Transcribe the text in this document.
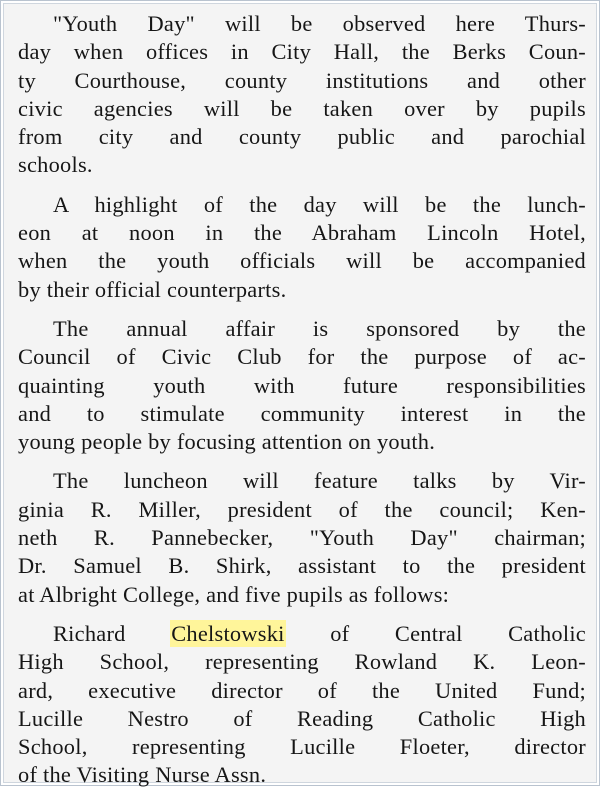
"Youth Day" will be observed here Thurs-
day when offices in City Hall, the Berks Coun-
ty Courthouse, county institutions and other
civic agencies will be taken over by pupils
from city and county public and parochial
schools.
A highlight of the day will be the lunch-
eon at noon in the Abraham Lincoln Hotel,
when the youth officials will be accompanied
by their official counterparts.
The annual affair is sponsored by the
Council of Civic Club for the purpose of ac-
quainting youth with future responsibilities
and to stimulate community interest in the
young people by focusing attention on youth.
The luncheon will feature talks by Vir-
ginia R. Miller, president of the council; Ken-
neth R. Pannebecker, "Youth Day" chairman;
Dr. Samuel B. Shirk, assistant to the president
at Albright College, and five pupils as follows:
Richard Chelstowski of Central Catholic
High School, representing Rowland K. Leon-
ard, executive director of the United Fund;
Lucille Nestro of Reading Catholic High
School, representing Lucille Floeter, director
of the Visiting Nurse Assn.
